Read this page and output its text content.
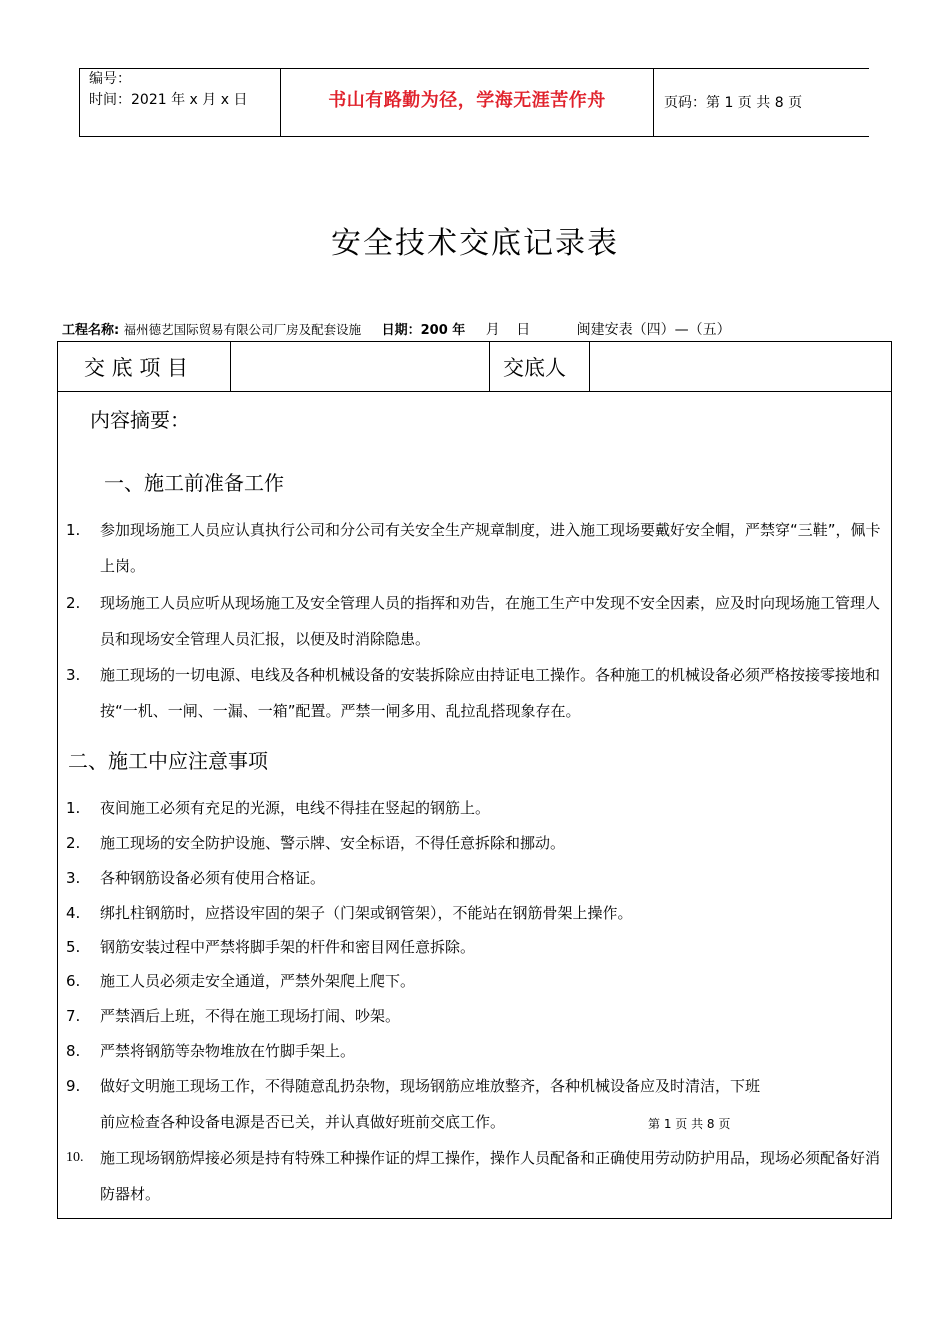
编号：
时间：2021 年 x 月 x 日	书山有路勤为径，学海无涯苦作舟	页码：第 1 页 共 8 页
安全技术交底记录表
工程名称: 福州德艺国际贸易有限公司厂房及配套设施 日期：200 年 月 日	闽建安表（四）—（五）
交 底 项 目	交底人
内容摘要：
一、施工前准备工作
1. 参加现场施工人员应认真执行公司和分公司有关安全生产规章制度，进入施工现场要戴好安全帽，严禁穿“三鞋”，佩卡上岗。
2. 现场施工人员应听从现场施工及安全管理人员的指挥和劝告，在施工生产中发现不安全因素，应及时向现场施工管理人员和现场安全管理人员汇报，以便及时消除隐患。
3. 施工现场的一切电源、电线及各种机械设备的安装拆除应由持证电工操作。各种施工的机械设备必须严格按接零接地和按“一机、一闸、一漏、一箱”配置。严禁一闸多用、乱拉乱搭现象存在。
二、施工中应注意事项
1. 夜间施工必须有充足的光源，电线不得挂在竖起的钢筋上。
2. 施工现场的安全防护设施、警示牌、安全标语，不得任意拆除和挪动。
3. 各种钢筋设备必须有使用合格证。
4. 绑扎柱钢筋时，应搭设牢固的架子（门架或钢管架），不能站在钢筋骨架上操作。
5. 钢筋安装过程中严禁将脚手架的杆件和密目网任意拆除。
6. 施工人员必须走安全通道，严禁外架爬上爬下。
7. 严禁酒后上班，不得在施工现场打闹、吵架。
8. 严禁将钢筋等杂物堆放在竹脚手架上。
9. 做好文明施工现场工作，不得随意乱扔杂物，现场钢筋应堆放整齐，各种机械设备应及时清洁，下班前应检查各种设备电源是否已关，并认真做好班前交底工作。	第 1 页 共 8 页
10. 施工现场钢筋焊接必须是持有特殊工种操作证的焊工操作，操作人员配备和正确使用劳动防护用品，现场必须配备好消防器材。
